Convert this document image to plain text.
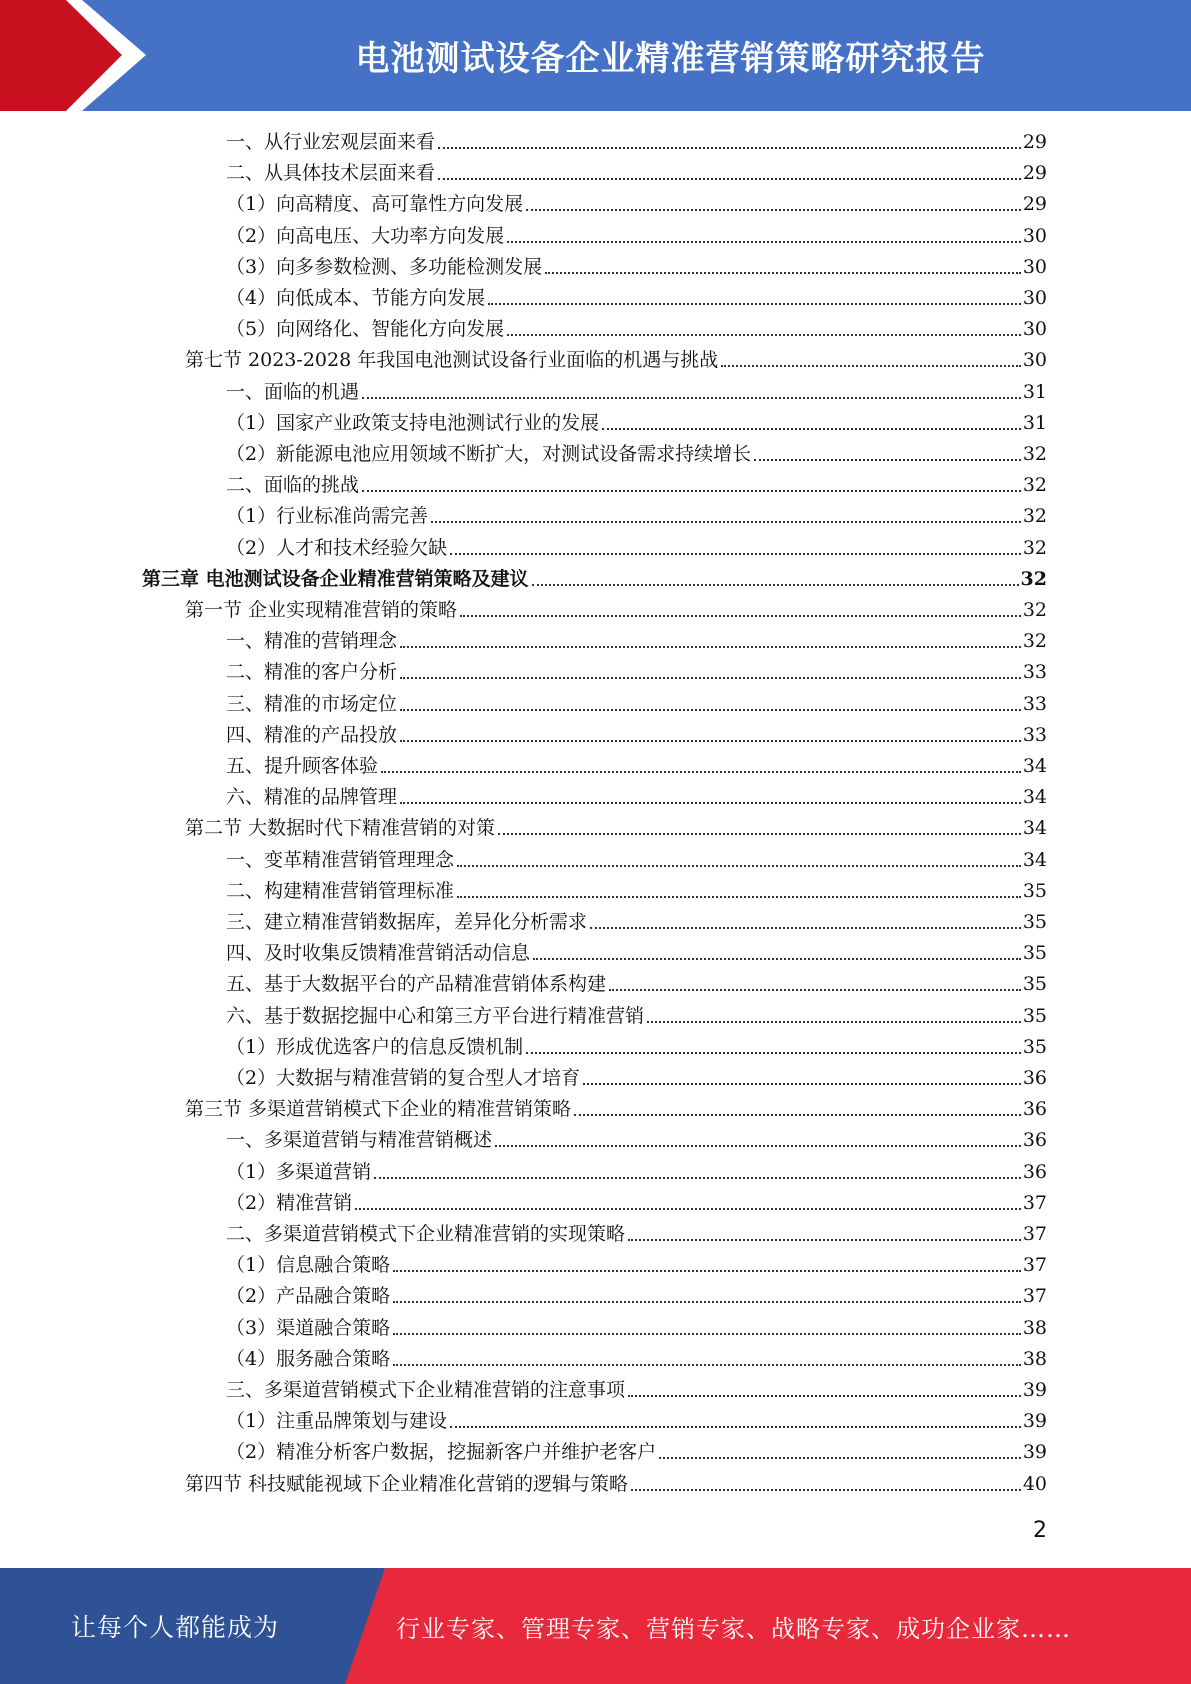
电池测试设备企业精准营销策略研究报告
一、从行业宏观层面来看	29
二、从具体技术层面来看	29
（1）向高精度、高可靠性方向发展	29
（2）向高电压、大功率方向发展	30
（3）向多参数检测、多功能检测发展	30
（4）向低成本、节能方向发展	30
（5）向网络化、智能化方向发展	30
第七节 2023-2028 年我国电池测试设备行业面临的机遇与挑战	30
一、面临的机遇	31
（1）国家产业政策支持电池测试行业的发展	31
（2）新能源电池应用领域不断扩大，对测试设备需求持续增长	32
二、面临的挑战	32
（1）行业标准尚需完善	32
（2）人才和技术经验欠缺	32
第三章 电池测试设备企业精准营销策略及建议	32
第一节 企业实现精准营销的策略	32
一、精准的营销理念	32
二、精准的客户分析	33
三、精准的市场定位	33
四、精准的产品投放	33
五、提升顾客体验	34
六、精准的品牌管理	34
第二节 大数据时代下精准营销的对策	34
一、变革精准营销管理理念	34
二、构建精准营销管理标准	35
三、建立精准营销数据库，差异化分析需求	35
四、及时收集反馈精准营销活动信息	35
五、基于大数据平台的产品精准营销体系构建	35
六、基于数据挖掘中心和第三方平台进行精准营销	35
（1）形成优选客户的信息反馈机制	35
（2）大数据与精准营销的复合型人才培育	36
第三节 多渠道营销模式下企业的精准营销策略	36
一、多渠道营销与精准营销概述	36
（1）多渠道营销	36
（2）精准营销	37
二、多渠道营销模式下企业精准营销的实现策略	37
（1）信息融合策略	37
（2）产品融合策略	37
（3）渠道融合策略	38
（4）服务融合策略	38
三、多渠道营销模式下企业精准营销的注意事项	39
（1）注重品牌策划与建设	39
（2）精准分析客户数据，挖掘新客户并维护老客户	39
第四节 科技赋能视域下企业精准化营销的逻辑与策略	40
2
让每个人都能成为	行业专家、管理专家、营销专家、战略专家、成功企业家……
